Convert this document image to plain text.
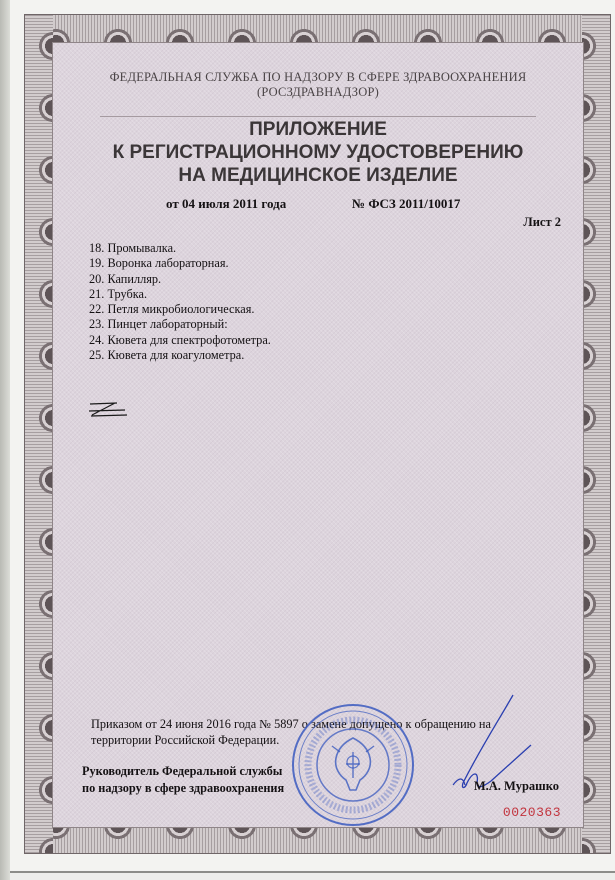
ФЕДЕРАЛЬНАЯ СЛУЖБА ПО НАДЗОРУ В СФЕРЕ ЗДРАВООХРАНЕНИЯ
(РОСЗДРАВНАДЗОР)
ПРИЛОЖЕНИЕ
К РЕГИСТРАЦИОННОМУ УДОСТОВЕРЕНИЮ
НА МЕДИЦИНСКОЕ ИЗДЕЛИЕ
от 04 июля 2011 года	№ ФСЗ 2011/10017
Лист 2
18. Промывалка.
19. Воронка лабораторная.
20. Капилляр.
21. Трубка.
22. Петля микробиологическая.
23. Пинцет лабораторный:
24. Кювета для спектрофотометра.
25. Кювета для коагулометра.
Приказом от 24 июня 2016 года № 5897 о замене допущено к обращению на территории Российской Федерации.
Руководитель Федеральной службы
по надзору в сфере здравоохранения	М.А. Мурашко
0020363
